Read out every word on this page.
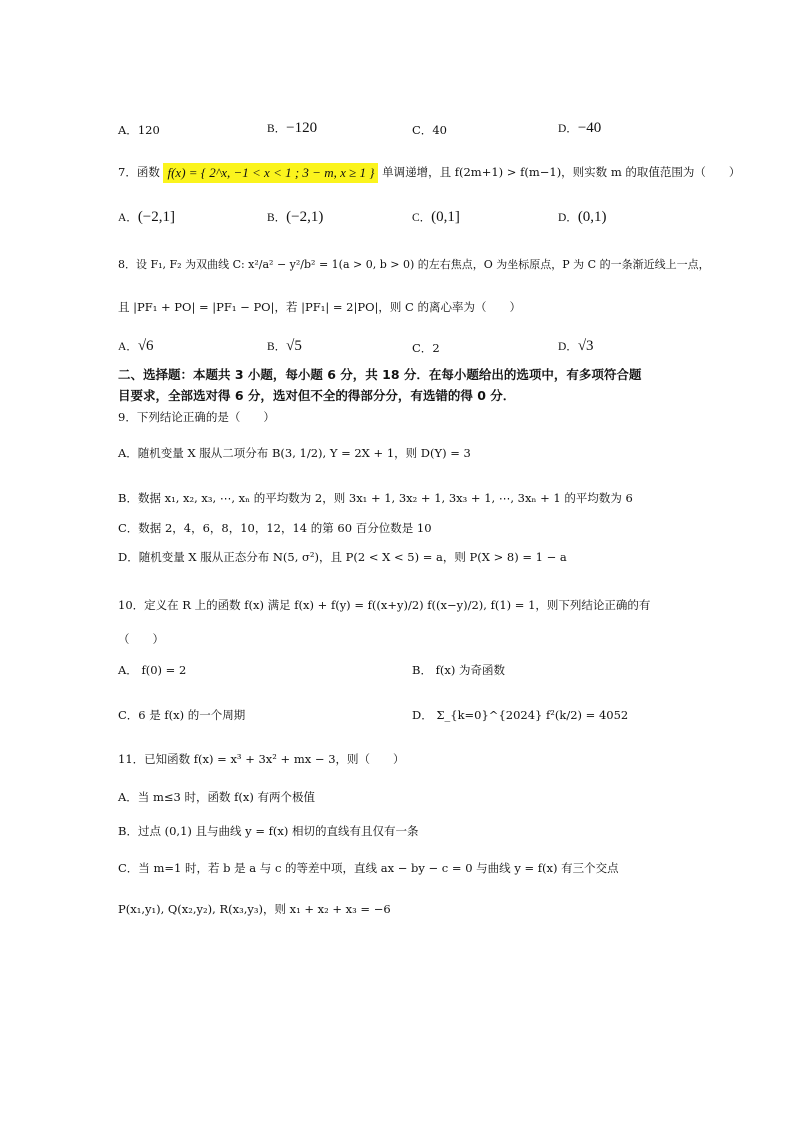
A．120	B．−120	C．40	D．−40
7．函数 f(x) = { 2^x, −1 < x < 1 ; 3 − m, x ≥ 1 } 单调递增，且 f(2m+1) > f(m−1)，则实数 m 的取值范围为（　　）
A．(−2,1]	B．(−2,1)	C．(0,1]	D．(0,1)
8．设 F₁, F₂ 为双曲线 C: x²/a² − y²/b² = 1(a > 0, b > 0) 的左右焦点，O 为坐标原点，P 为 C 的一条渐近线上一点，
且 |PF₁ + PO| = |PF₁ − PO|，若 |PF₁| = 2|PO|，则 C 的离心率为（　　）
A．√6	B．√5	C．2	D．√3
二、选择题：本题共 3 小题，每小题 6 分，共 18 分．在每小题给出的选项中，有多项符合题
目要求，全部选对得 6 分，选对但不全的得部分分，有选错的得 0 分．
9．下列结论正确的是（　　）
A．随机变量 X 服从二项分布 B(3, 1/2), Y = 2X + 1，则 D(Y) = 3
B．数据 x₁, x₂, x₃, ⋯, xₙ 的平均数为 2，则 3x₁ + 1, 3x₂ + 1, 3x₃ + 1, ⋯, 3xₙ + 1 的平均数为 6
C．数据 2，4，6，8，10，12，14 的第 60 百分位数是 10
D．随机变量 X 服从正态分布 N(5, σ²)，且 P(2 < X < 5) = a，则 P(X > 8) = 1 − a
10．定义在 R 上的函数 f(x) 满足 f(x) + f(y) = f((x+y)/2) f((x−y)/2), f(1) = 1，则下列结论正确的有
（　　）
A． f(0) = 2	B． f(x) 为奇函数
C．6 是 f(x) 的一个周期	D． Σ_{k=0}^{2024} f²(k/2) = 4052
11．已知函数 f(x) = x³ + 3x² + mx − 3，则（　　）
A．当 m≤3 时，函数 f(x) 有两个极值
B．过点 (0,1) 且与曲线 y = f(x) 相切的直线有且仅有一条
C．当 m=1 时，若 b 是 a 与 c 的等差中项，直线 ax − by − c = 0 与曲线 y = f(x) 有三个交点
P(x₁,y₁), Q(x₂,y₂), R(x₃,y₃)，则 x₁ + x₂ + x₃ = −6
